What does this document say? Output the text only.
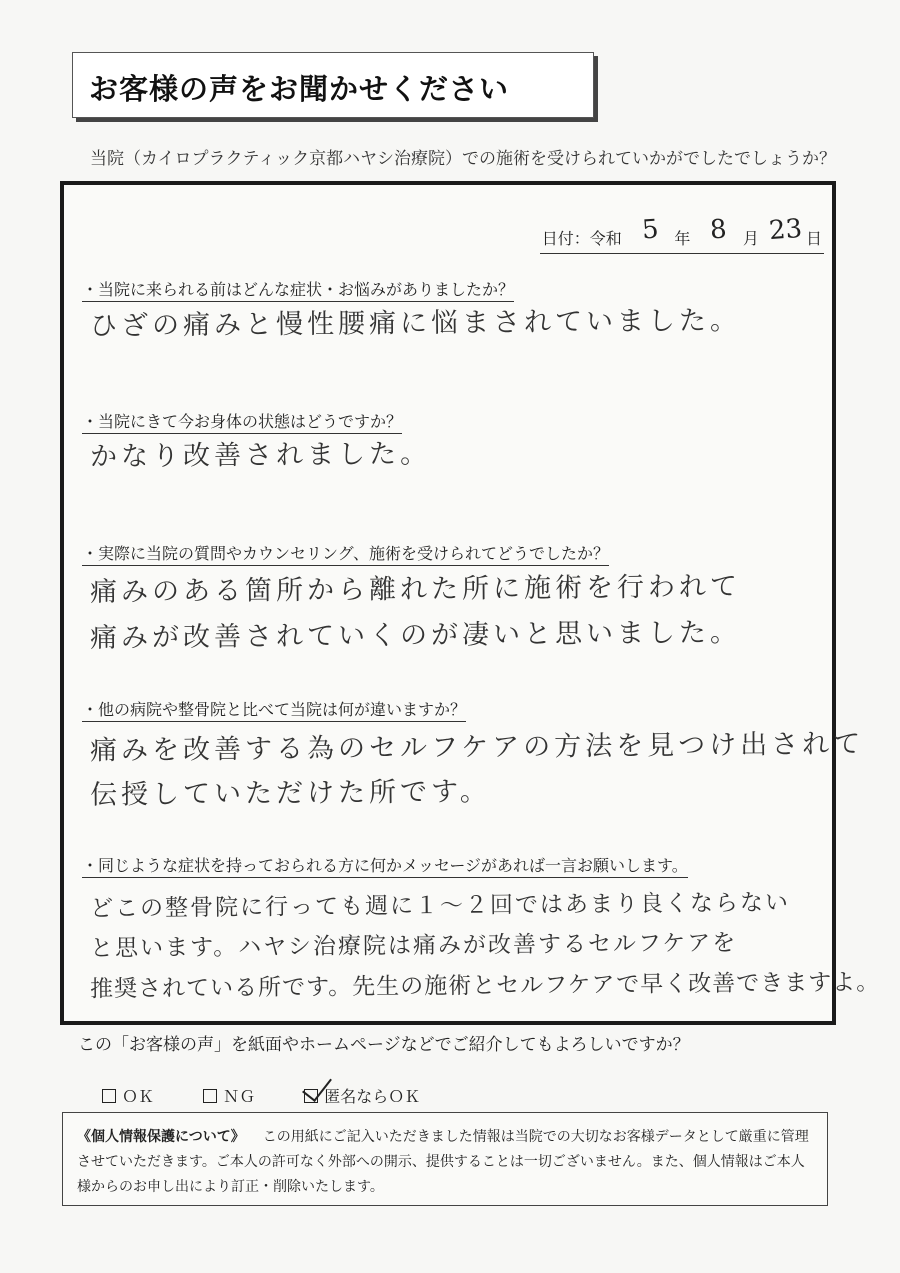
お客様の声をお聞かせください
当院（カイロプラクティック京都ハヤシ治療院）での施術を受けられていかがでしたでしょうか？
日付：令和 5 年 8 月 23 日
・当院に来られる前はどんな症状・お悩みがありましたか？
ひざの痛みと慢性腰痛に悩まされていました。
・当院にきて今お身体の状態はどうですか？
かなり改善されました。
・実際に当院の質問やカウンセリング、施術を受けられてどうでしたか？
痛みのある箇所から離れた所に施術を行われて
痛みが改善されていくのが凄いと思いました。
・他の病院や整骨院と比べて当院は何が違いますか？
痛みを改善する為のセルフケアの方法を見つけ出されて
伝授していただけた所です。
・同じような症状を持っておられる方に何かメッセージがあれば一言お願いします。
どこの整骨院に行っても週に１～２回ではあまり良くならない
と思います。ハヤシ治療院は痛みが改善するセルフケアを
推奨されている所です。先生の施術とセルフケアで早く改善できますよ。
この「お客様の声」を紙面やホームページなどでご紹介してもよろしいですか？
ＯＫ
	ＮＧ
	匿名ならＯＫ
《個人情報保護について》 この用紙にご記入いただきました情報は当院での大切なお客様データとして厳重に管理させていただきます。ご本人の許可なく外部への開示、提供することは一切ございません。また、個人情報はご本人様からのお申し出により訂正・削除いたします。
